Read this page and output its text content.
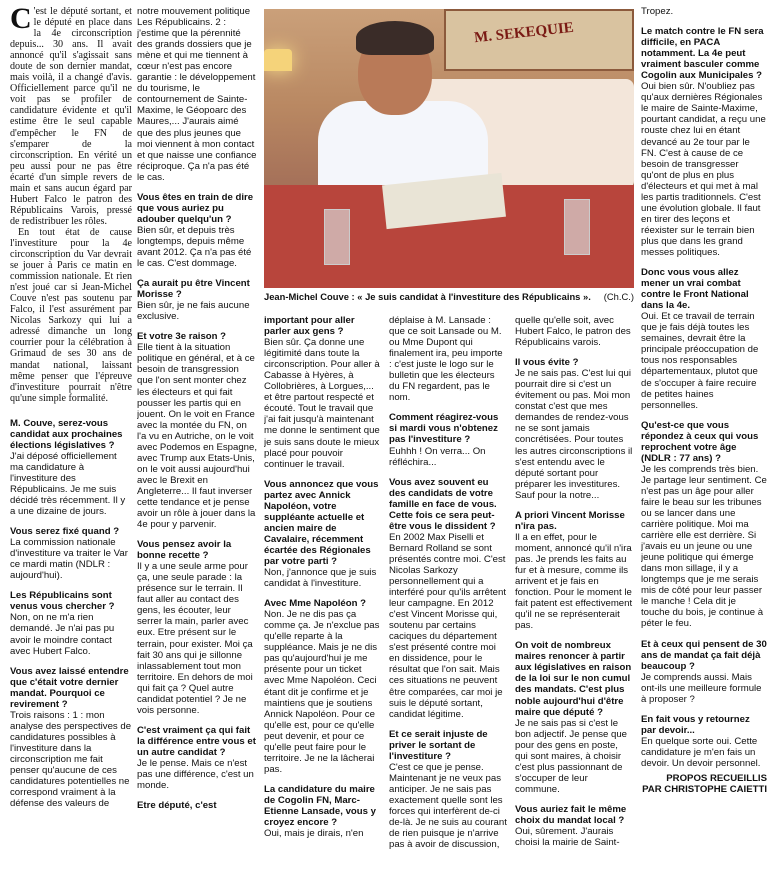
C 'est le député sortant, et le député en place dans la 4e circonscription depuis... 30 ans. Il avait annoncé qu'il s'agissait sans doute de son dernier mandat, mais voilà, il a changé d'avis. Officiellement parce qu'il ne voit pas se profiler de candidature évidente et qu'il estime être le seul capable d'empêcher le FN de s'emparer de la circonscription. En vérité un peu aussi pour ne pas être écarté d'un simple revers de main et sans aucun égard par Hubert Falco le patron des Républicains Varois, pressé de redistribuer les rôles.
En tout état de cause l'investiture pour la 4e circonscription du Var devrait se jouer à Paris ce matin en commission nationale. Et rien n'est joué car si Jean-Michel Couve n'est pas soutenu par Falco, il l'est assurément par Nicolas Sarkozy qui lui a adressé dimanche un long courrier pour la célébration à Grimaud de ses 30 ans de mandat national, laissant même penser que l'épreuve d'investiture pourrait n'être qu'une simple formalité.

M. Couve, serez-vous candidat aux prochaines élections législatives ?

J'ai déposé officiellement ma candidature à l'investiture des Républicains. Je me suis décidé très récemment. Il y a une dizaine de jours.

Vous serez fixé quand ?

La commission nationale d'investiture va traiter le Var ce mardi matin (NDLR : aujourd'hui).

Les Républicains sont venus vous chercher ?

Non, on ne m'a rien demandé. Je n'ai pas pu avoir le moindre contact avec Hubert Falco.

Vous avez laissé entendre que c'était votre dernier mandat. Pourquoi ce revirement ?

Trois raisons : 1 : mon analyse des perspectives de candidatures possibles à l'investiture dans la circonscription me fait penser qu'aucune de ces candidatures potentielles ne correspond vraiment à la défense des valeurs de

notre mouvement politique Les Républicains. 2 : j'estime que la pérennité des grands dossiers que je mène et qui me tiennent à cœur n'est pas encore garantie : le développement du tourisme, le contournement de Sainte-Maxime, le Géopoarc des Maures,... J'aurais aimé que des plus jeunes que moi viennent à mon contact et que naisse une confiance réciproque. Ça n'a pas été le cas.

Vous êtes en train de dire que vous auriez pu adouber quelqu'un ?

Bien sûr, et depuis très longtemps, depuis même avant 2012. Ça n'a pas été le cas. C'est dommage.

Ça aurait pu être Vincent Morisse ?

Bien sûr, je ne fais aucune exclusive.

Et votre 3e raison ?

Elle tient à la situation politique en général, et à ce besoin de transgression que l'on sent monter chez les électeurs et qui fait pousser les partis qui en jouent. On le voit en France avec la montée du FN, on l'a vu en Autriche, on le voit avec Podemos en Espagne, avec Trump aux Etats-Unis, on le voit aussi aujourd'hui avec le Brexit en Angleterre... Il faut inverser cette tendance et je pense avoir un rôle à jouer dans la 4e pour y parvenir.

Vous pensez avoir la bonne recette ?

Il y a une seule arme pour ça, une seule parade : la présence sur le terrain. Il faut aller au contact des gens, les écouter, leur serrer la main, parler avec eux. Etre présent sur le terrain, pour exister. Moi ça fait 30 ans qui je sillonne inlassablement tout mon territoire. En dehors de moi qui fait ça ? Quel autre candidat potentiel ? Je ne vois personne.

C'est vraiment ça qui fait la différence entre vous et un autre candidat ?

Je le pense. Mais ce n'est pas une différence, c'est un monde.

Etre député, c'est

M. SEKEQUIE
Jean-Michel Couve : « Je suis candidat à l'investiture des Républicains ». (Ch.C.)

important pour aller parler aux gens ?

Bien sûr. Ça donne une légitimité dans toute la circonscription. Pour aller à Cabasse à Hyères, à Collobrières, à Lorgues,... et être partout respecté et écouté. Tout le travail que j'ai fait jusqu'à maintenant me donne le sentiment que je suis sans doute le mieux placé pour pouvoir continuer le travail.

Vous annoncez que vous partez avec Annick Napoléon, votre suppléante actuelle et ancien maire de Cavalaire, récemment écartée des Régionales par votre parti ?

Non, j'annonce que je suis candidat à l'investiture.

Avec Mme Napoléon ?

Non. Je ne dis pas ça comme ça. Je n'exclue pas qu'elle reparte à la suppléance. Mais je ne dis pas qu'aujourd'hui je me présente pour un ticket avec Mme Napoléon. Ceci étant dit je confirme et je maintiens que je soutiens Annick Napoléon. Pour ce qu'elle est, pour ce qu'elle peut devenir, et pour ce qu'elle peut faire pour le territoire. Je ne la lâcherai pas.

La candidature du maire de Cogolin FN, Marc-Etienne Lansade, vous y croyez encore ?

Oui, mais je dirais, n'en

déplaise à M. Lansade : que ce soit Lansade ou M. ou Mme Dupont qui finalement ira, peu importe : c'est juste le logo sur le bulletin que les électeurs du FN regardent, pas le nom.

Comment réagirez-vous si mardi vous n'obtenez pas l'investiture ?

Euhhh ! On verra... On réfléchira...

Vous avez souvent eu des candidats de votre famille en face de vous. Cette fois ce sera peut-être vous le dissident ?

En 2002 Max Piselli et Bernard Rolland se sont présentés contre moi. C'est Nicolas Sarkozy personnellement qui a interféré pour qu'ils arrêtent leur campagne. En 2012 c'est Vincent Morisse qui, soutenu par certains caciques du département s'est présenté contre moi en dissidence, pour le résultat que l'on sait. Mais ces situations ne peuvent être comparées, car moi je suis le député sortant, candidat légitime.

Et ce serait injuste de priver le sortant de l'investiture ?

C'est ce que je pense. Maintenant je ne veux pas anticiper. Je ne sais pas exactement quelle sont les forces qui interfèrent de-ci de-là. Je ne suis au courant de rien puisque je n'arrive pas à avoir de discussion,

quelle qu'elle soit, avec Hubert Falco, le patron des Républicains varois.

Il vous évite ?

Je ne sais pas. C'est lui qui pourrait dire si c'est un évitement ou pas. Moi mon constat c'est que mes demandes de rendez-vous ne se sont jamais concrétisées. Pour toutes les autres circonscriptions il s'est entendu avec le député sortant pour préparer les investitures. Sauf pour la notre...

A priori Vincent Morisse n'ira pas.

Il a en effet, pour le moment, annoncé qu'il n'ira pas. Je prends les faits au fur et à mesure, comme ils arrivent et je fais en fonction. Pour le moment le fait patent est effectivement qu'il ne se représenterait pas.

On voit de nombreux maires renoncer à partir aux législatives en raison de la loi sur le non cumul des mandats. C'est plus noble aujourd'hui d'être maire que député ?

Je ne sais pas si c'est le bon adjectif. Je pense que pour des gens en poste, qui sont maires, à choisir c'est plus passionnant de s'occuper de leur commune.

Vous auriez fait le même choix du mandat local ?

Oui, sûrement. J'aurais choisi la mairie de Saint-

Tropez.

Le match contre le FN sera difficile, en PACA notamment. La 4e peut vraiment basculer comme Cogolin aux Municipales ?

Oui bien sûr. N'oubliez pas qu'aux dernières Régionales le maire de Sainte-Maxime, pourtant candidat, a reçu une rouste chez lui en étant devancé au 2e tour par le FN. C'est à cause de ce besoin de transgresser qu'ont de plus en plus d'électeurs et qui met à mal les partis traditionnels. C'est une évolution globale. Il faut en tirer des leçons et réexister sur le terrain bien plus que dans les grand messes politiques.

Donc vous vous allez mener un vrai combat contre le Front National dans la 4e.

Oui. Et ce travail de terrain que je fais déjà toutes les semaines, devrait être la principale préoccupation de tous nos responsables départementaux, plutot que de s'occuper à faire recuire de petites haines personnelles.

Qu'est-ce que vous répondez à ceux qui vous reprochent votre âge (NDLR : 77 ans) ?

Je les comprends très bien. Je partage leur sentiment. Ce n'est pas un âge pour aller faire le beau sur les tribunes ou se lancer dans une carrière politique. Moi ma carrière elle est derrière. Si j'avais eu un jeune ou une jeune politique qui émerge dans mon sillage, il y a longtemps que je me serais mis de côté pour leur passer le manche ! Cela dit je touche du bois, je continue à péter le feu.

Et à ceux qui pensent de 30 ans de mandat ça fait déjà beaucoup ?

Je comprends aussi. Mais ont-ils une meilleure formule à proposer ?

En fait vous y retournez par devoir...

En quelque sorte oui. Cette candidature je m'en fais un devoir. Un devoir personnel.

PROPOS RECUEILLIS
PAR CHRISTOPHE CAIETTI
